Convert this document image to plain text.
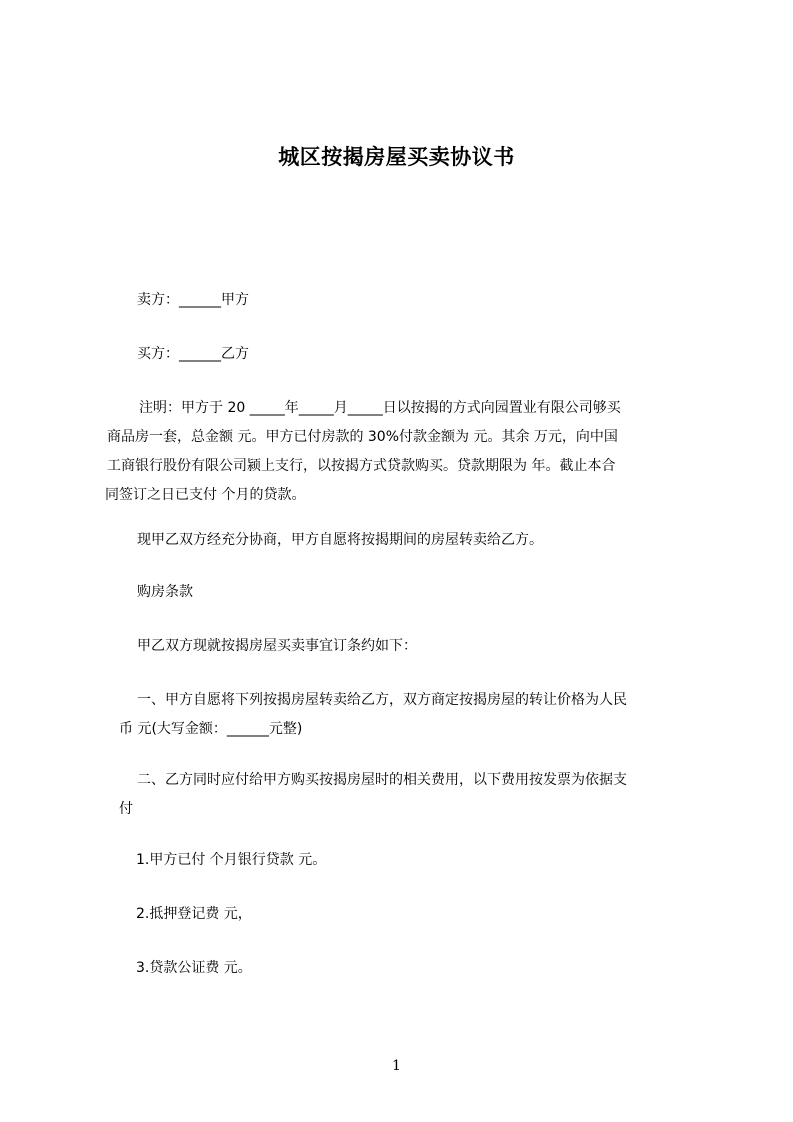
城区按揭房屋买卖协议书

卖方：______甲方

买方：______乙方

注明：甲方于 20 _____年_____月_____日以按揭的方式向园置业有限公司够买
商品房一套，总金额 元。甲方已付房款的 30%付款金额为 元。其余 万元，向中国
工商银行股份有限公司颍上支行，以按揭方式贷款购买。贷款期限为 年。截止本合
同签订之日已支付 个月的贷款。

现甲乙双方经充分协商，甲方自愿将按揭期间的房屋转卖给乙方。

购房条款

甲乙双方现就按揭房屋买卖事宜订条约如下：

一、甲方自愿将下列按揭房屋转卖给乙方，双方商定按揭房屋的转让价格为人民
币 元(大写金额：______元整)
二、乙方同时应付给甲方购买按揭房屋时的相关费用，以下费用按发票为依据支
付

1.甲方已付 个月银行贷款 元。

2.抵押登记费 元，

3.贷款公证费 元。

1
